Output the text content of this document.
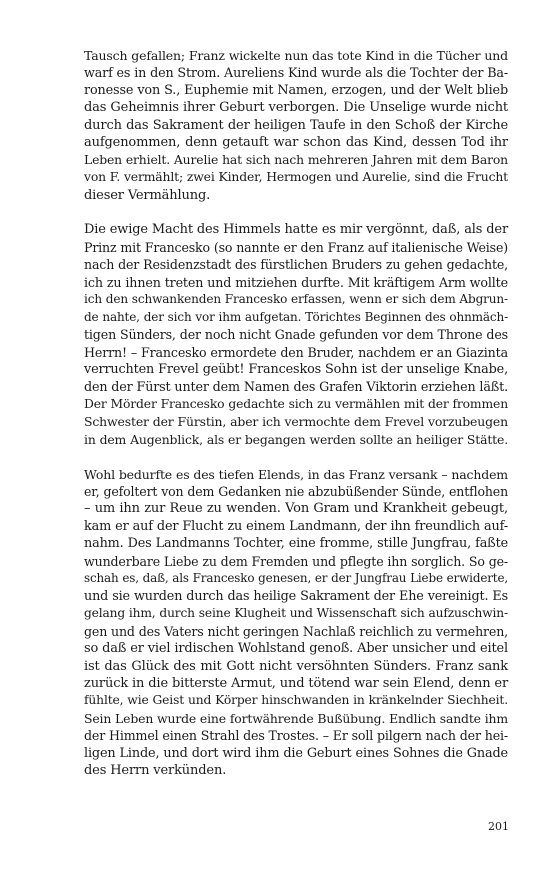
Tausch gefallen; Franz wickelte nun das tote Kind in die Tücher und
warf es in den Strom. Aureliens Kind wurde als die Tochter der Ba-
ronesse von S., Euphemie mit Namen, erzogen, und der Welt blieb
das Geheimnis ihrer Geburt verborgen. Die Unselige wurde nicht
durch das Sakrament der heiligen Taufe in den Schoß der Kirche
aufgenommen, denn getauft war schon das Kind, dessen Tod ihr
Leben erhielt. Aurelie hat sich nach mehreren Jahren mit dem Baron
von F. vermählt; zwei Kinder, Hermogen und Aurelie, sind die Frucht
dieser Vermählung.

Die ewige Macht des Himmels hatte es mir vergönnt, daß, als der
Prinz mit Francesko (so nannte er den Franz auf italienische Weise)
nach der Residenzstadt des fürstlichen Bruders zu gehen gedachte,
ich zu ihnen treten und mitziehen durfte. Mit kräftigem Arm wollte
ich den schwankenden Francesko erfassen, wenn er sich dem Abgrun-
de nahte, der sich vor ihm aufgetan. Törichtes Beginnen des ohnmäch-
tigen Sünders, der noch nicht Gnade gefunden vor dem Throne des
Herrn! – Francesko ermordete den Bruder, nachdem er an Giazinta
verruchten Frevel geübt! Franceskos Sohn ist der unselige Knabe,
den der Fürst unter dem Namen des Grafen Viktorin erziehen läßt.
Der Mörder Francesko gedachte sich zu vermählen mit der frommen
Schwester der Fürstin, aber ich vermochte dem Frevel vorzubeugen
in dem Augenblick, als er begangen werden sollte an heiliger Stätte.

Wohl bedurfte es des tiefen Elends, in das Franz versank – nachdem
er, gefoltert von dem Gedanken nie abzubüßender Sünde, entflohen
– um ihn zur Reue zu wenden. Von Gram und Krankheit gebeugt,
kam er auf der Flucht zu einem Landmann, der ihn freundlich auf-
nahm. Des Landmanns Tochter, eine fromme, stille Jungfrau, faßte
wunderbare Liebe zu dem Fremden und pflegte ihn sorglich. So ge-
schah es, daß, als Francesko genesen, er der Jungfrau Liebe erwiderte,
und sie wurden durch das heilige Sakrament der Ehe vereinigt. Es
gelang ihm, durch seine Klugheit und Wissenschaft sich aufzuschwin-
gen und des Vaters nicht geringen Nachlaß reichlich zu vermehren,
so daß er viel irdischen Wohlstand genoß. Aber unsicher und eitel
ist das Glück des mit Gott nicht versöhnten Sünders. Franz sank
zurück in die bitterste Armut, und tötend war sein Elend, denn er
fühlte, wie Geist und Körper hinschwanden in kränkelnder Siechheit.
Sein Leben wurde eine fortwährende Bußübung. Endlich sandte ihm
der Himmel einen Strahl des Trostes. – Er soll pilgern nach der hei-
ligen Linde, und dort wird ihm die Geburt eines Sohnes die Gnade
des Herrn verkünden.

201
